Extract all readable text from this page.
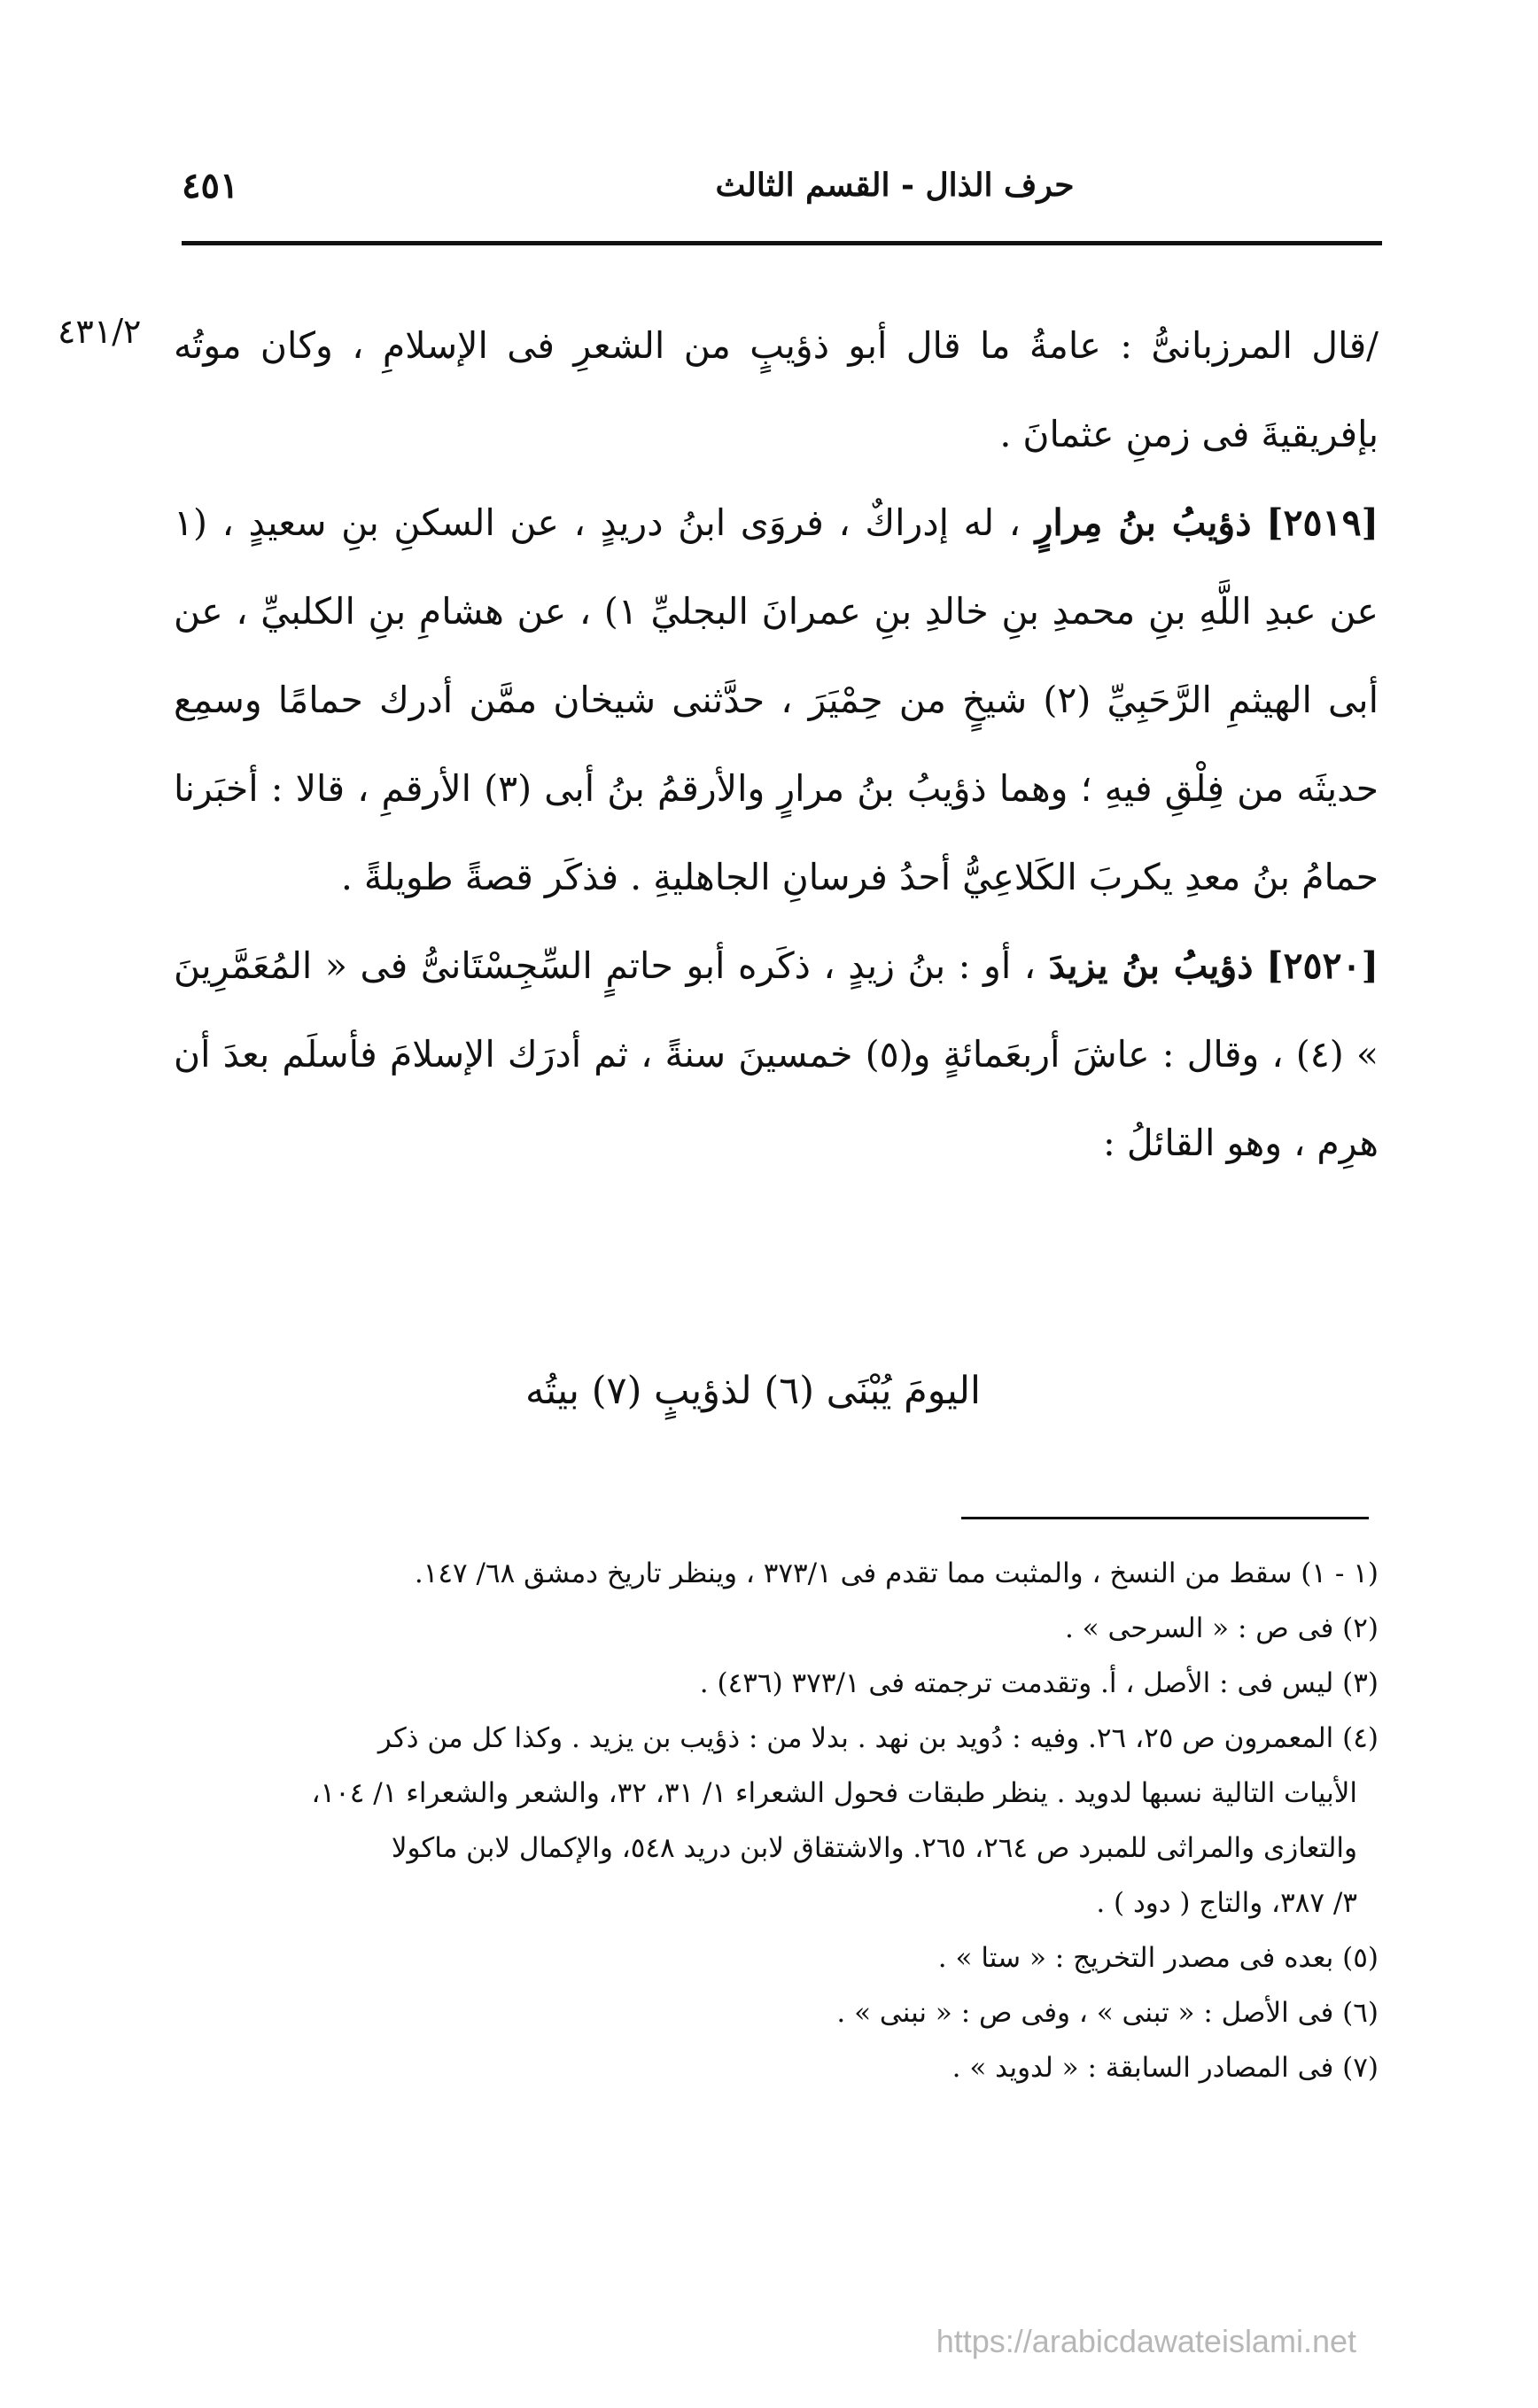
٤٥١	حرف الذال - القسم الثالث
٤٣١/٢ /قال المرزبانىُّ : عامةُ ما قال أبو ذؤيبٍ من الشعرِ فى الإسلامِ ، وكان موتُه بإفريقيةَ فى زمنِ عثمانَ .

[٢٥١٩] ذؤيبُ بنُ مِرارٍ ، له إدراكٌ ، فروَى ابنُ دريدٍ ، عن السكنِ بنِ سعيدٍ ، (١ عن عبدِ اللَّهِ بنِ محمدِ بنِ خالدِ بنِ عمرانَ البجليِّ ١) ، عن هشامِ بنِ الكلبيِّ ، عن أبى الهيثمِ الرَّحَبِيِّ (٢) شيخٍ من حِمْيَرَ ، حدَّثنى شيخان ممَّن أدرك حمامًا وسمِع حديثَه من فِلْقِ فيهِ ؛ وهما ذؤيبُ بنُ مرارٍ والأرقمُ بنُ أبى (٣) الأرقمِ ، قالا : أخبَرنا حمامُ بنُ معدِ يكربَ الكَلاعِيُّ أحدُ فرسانِ الجاهليةِ . فذكَر قصةً طويلةً .

[٢٥٢٠] ذؤيبُ بنُ يزيدَ ، أو : بنُ زيدٍ ، ذكَره أبو حاتمٍ السِّجِسْتَانىُّ فى « المُعَمَّرِينَ » (٤) ، وقال : عاشَ أربعَمائةٍ و(٥) خمسينَ سنةً ، ثم أدرَك الإسلامَ فأسلَم بعدَ أن هرِم ، وهو القائلُ :

اليومَ يُبْنَى (٦) لذؤيبٍ (٧) بيتُه

(١ - ١) سقط من النسخ ، والمثبت مما تقدم فى ٣٧٣/١ ، وينظر تاريخ دمشق ٦٨/ ١٤٧.

(٢) فى ص : « السرحى » .

(٣) ليس فى : الأصل ، أ. وتقدمت ترجمته فى ٣٧٣/١ (٤٣٦) .

(٤) المعمرون ص ٢٥، ٢٦. وفيه : دُويد بن نهد . بدلا من : ذؤيب بن يزيد . وكذا كل من ذكر

الأبيات التالية نسبها لدويد . ينظر طبقات فحول الشعراء ١/ ٣١، ٣٢، والشعر والشعراء ١/ ١٠٤،

والتعازى والمراثى للمبرد ص ٢٦٤، ٢٦٥. والاشتقاق لابن دريد ٥٤٨، والإكمال لابن ماكولا

٣/ ٣٨٧، والتاج ( دود ) .

(٥) بعده فى مصدر التخريج : « ستا » .

(٦) فى الأصل : « تبنى » ، وفى ص : « نبنى » .

(٧) فى المصادر السابقة : « لدويد » .

https://arabicdawateislami.net
